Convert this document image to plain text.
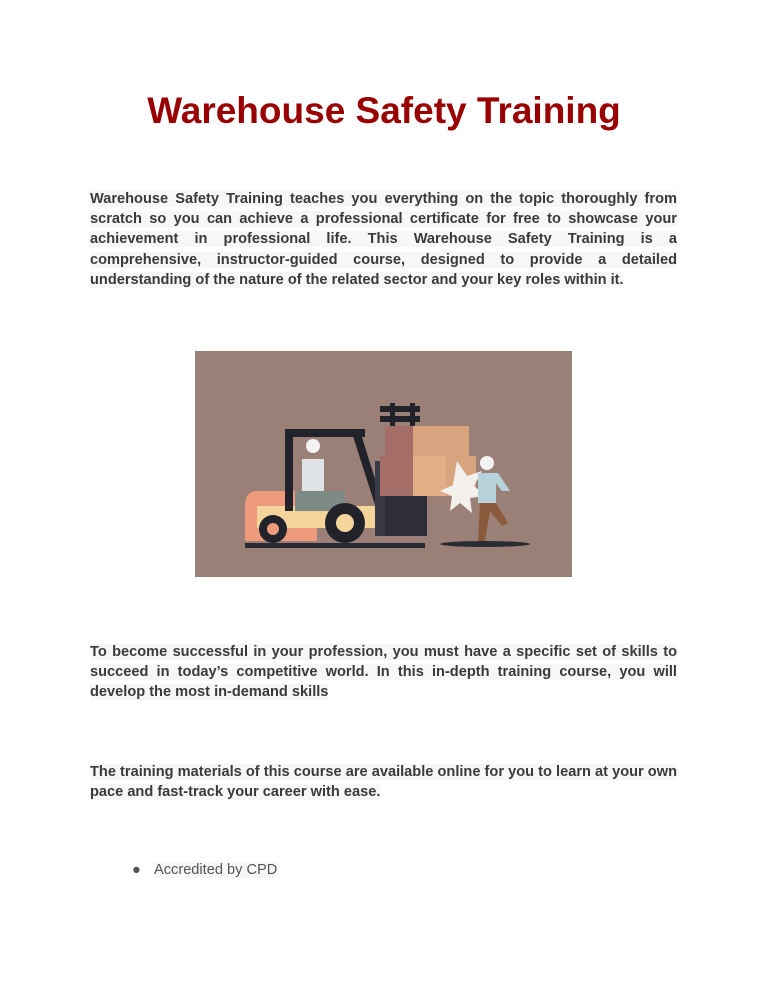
Warehouse Safety Training

Warehouse Safety Training teaches you everything on the topic thoroughly from scratch so you can achieve a professional certificate for free to showcase your achievement in professional life. This Warehouse Safety Training is a comprehensive, instructor-guided course, designed to provide a detailed understanding of the nature of the related sector and your key roles within it.

To become successful in your profession, you must have a specific set of skills to succeed in today’s competitive world. In this in-depth training course, you will develop the most in-demand skills

The training materials of this course are available online for you to learn at your own pace and fast-track your career with ease.

● Accredited by CPD
